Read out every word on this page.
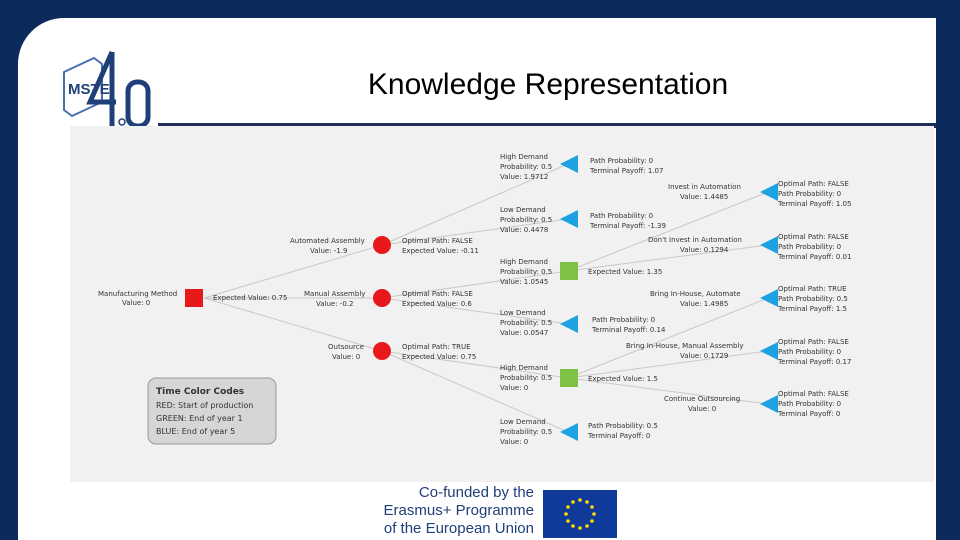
MSTE	Knowledge Representation
Manufacturing Method
Value: 0
Expected Value: 0.75
Automated Assembly
Value: -1.9
Optimal Path: FALSE
Expected Value: -0.11
Manual Assembly
Value: -0.2
Optimal Path: FALSE
Expected Value: 0.6
Outsource
Value: 0
Optimal Path: TRUE
Expected Value: 0.75
High Demand
Probability: 0.5
Value: 1.9712
Path Probability: 0
Terminal Payoff: 1.07
Low Demand
Probability: 0.5
Value: 0.4478
Path Probability: 0
Terminal Payoff: -1.39
High Demand
Probability: 0.5
Value: 1.0545
Expected Value: 1.35
Low Demand
Probability: 0.5
Value: 0.0547
Path Probability: 0
Terminal Payoff: 0.14
High Demand
Probability: 0.5
Value: 0
Expected Value: 1.5
Low Demand
Probability: 0.5
Value: 0
Path Probability: 0.5
Terminal Payoff: 0
Invest in Automation
Value: 1.4485
Optimal Path: FALSE
Path Probability: 0
Terminal Payoff: 1.05
Don't Invest in Automation
Value: 0.1294
Optimal Path: FALSE
Path Probability: 0
Terminal Payoff: 0.01
Bring In-House, Automate
Value: 1.4985
Optimal Path: TRUE
Path Probability: 0.5
Terminal Payoff: 1.5
Bring In-House, Manual Assembly
Value: 0.1729
Optimal Path: FALSE
Path Probability: 0
Terminal Payoff: 0.17
Continue Outsourcing
Value: 0
Optimal Path: FALSE
Path Probability: 0
Terminal Payoff: 0
Time Color Codes
RED: Start of production
GREEN: End of year 1
BLUE: End of year 5
Co-funded by the
Erasmus+ Programme
of the European Union
